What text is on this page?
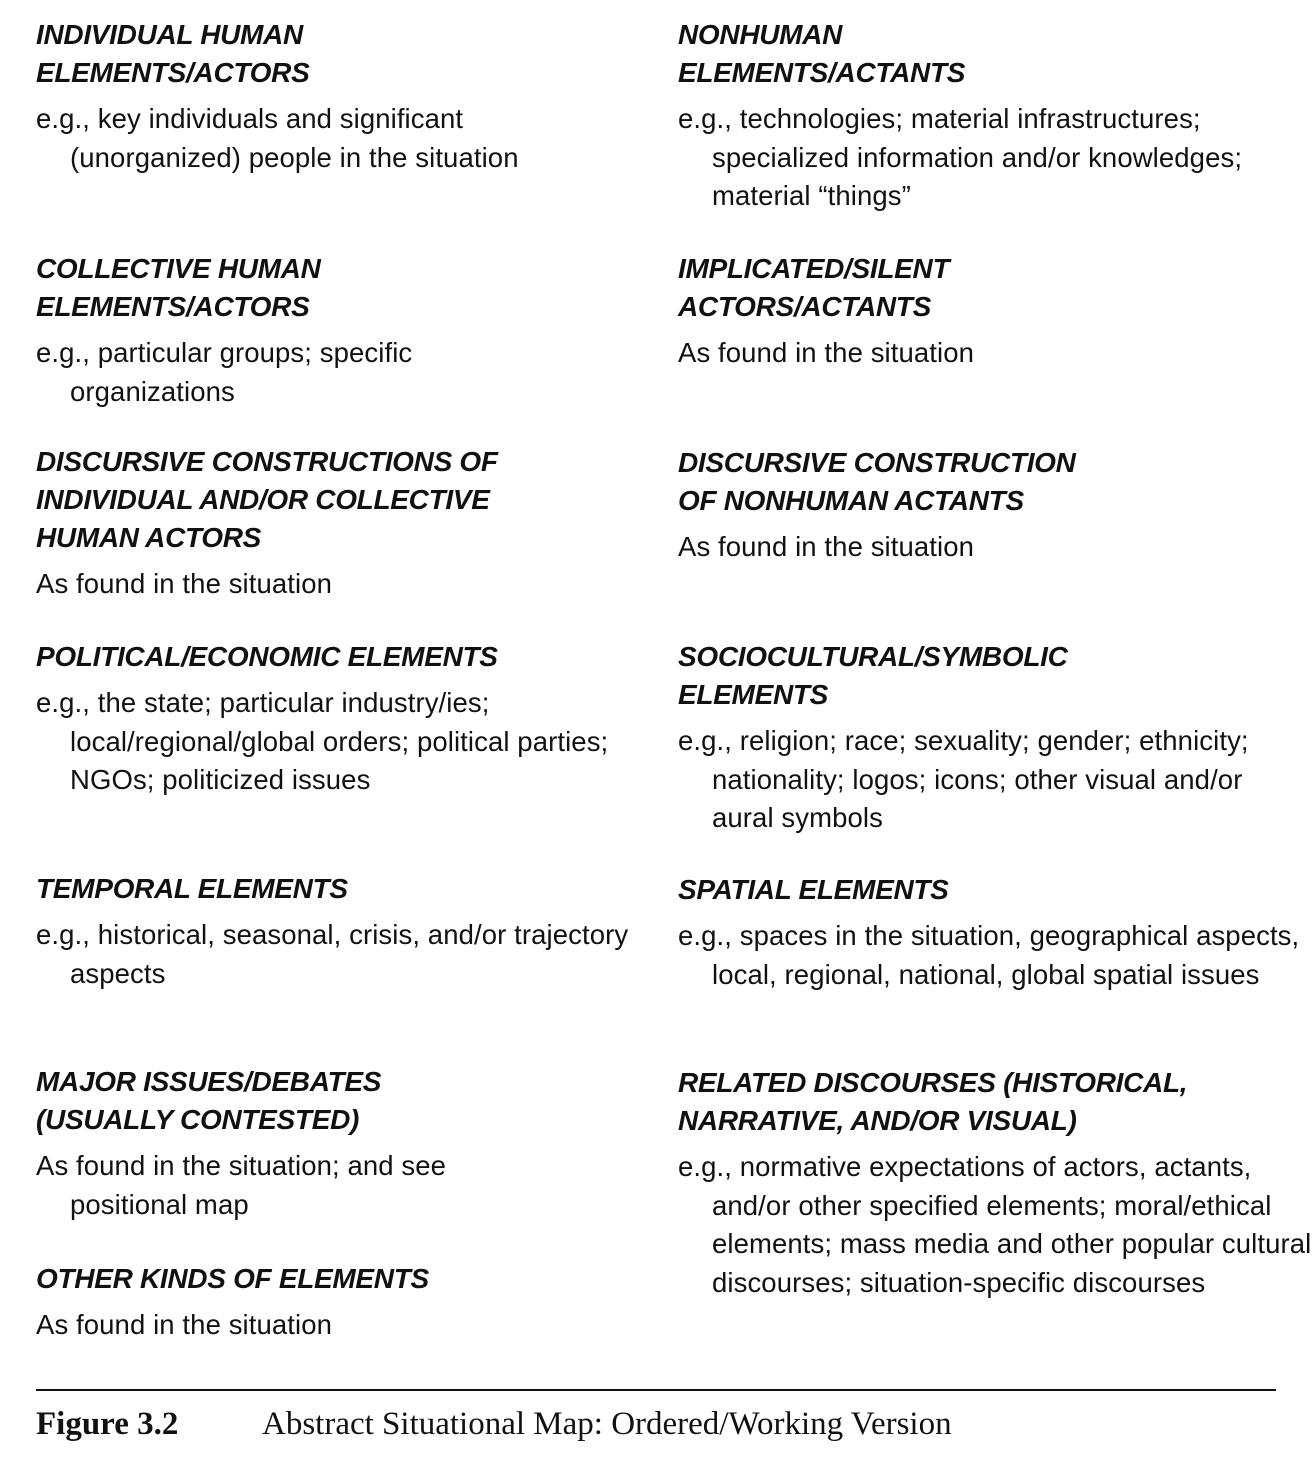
INDIVIDUAL HUMAN
ELEMENTS/ACTORS
e.g., key individuals and significant (unorganized) people in the situation
COLLECTIVE HUMAN
ELEMENTS/ACTORS
e.g., particular groups; specific organizations
DISCURSIVE CONSTRUCTIONS OF
INDIVIDUAL AND/OR COLLECTIVE
HUMAN ACTORS
As found in the situation
POLITICAL/ECONOMIC ELEMENTS
e.g., the state; particular industry/ies; local/regional/global orders; political parties; NGOs; politicized issues
TEMPORAL ELEMENTS
e.g., historical, seasonal, crisis, and/or trajectory aspects
MAJOR ISSUES/DEBATES
(USUALLY CONTESTED)
As found in the situation; and see positional map
OTHER KINDS OF ELEMENTS
As found in the situation
NONHUMAN
ELEMENTS/ACTANTS
e.g., technologies; material infrastructures; specialized information and/or knowledges; material “things”
IMPLICATED/SILENT
ACTORS/ACTANTS
As found in the situation
DISCURSIVE CONSTRUCTION
OF NONHUMAN ACTANTS
As found in the situation
SOCIOCULTURAL/SYMBOLIC
ELEMENTS
e.g., religion; race; sexuality; gender; ethnicity; nationality; logos; icons; other visual and/or aural symbols
SPATIAL ELEMENTS
e.g., spaces in the situation, geographical aspects, local, regional, national, global spatial issues
RELATED DISCOURSES (HISTORICAL,
NARRATIVE, AND/OR VISUAL)
e.g., normative expectations of actors, actants, and/or other specified elements; moral/ethical elements; mass media and other popular cultural discourses; situation-specific discourses
Figure 3.2	Abstract Situational Map: Ordered/Working Version
